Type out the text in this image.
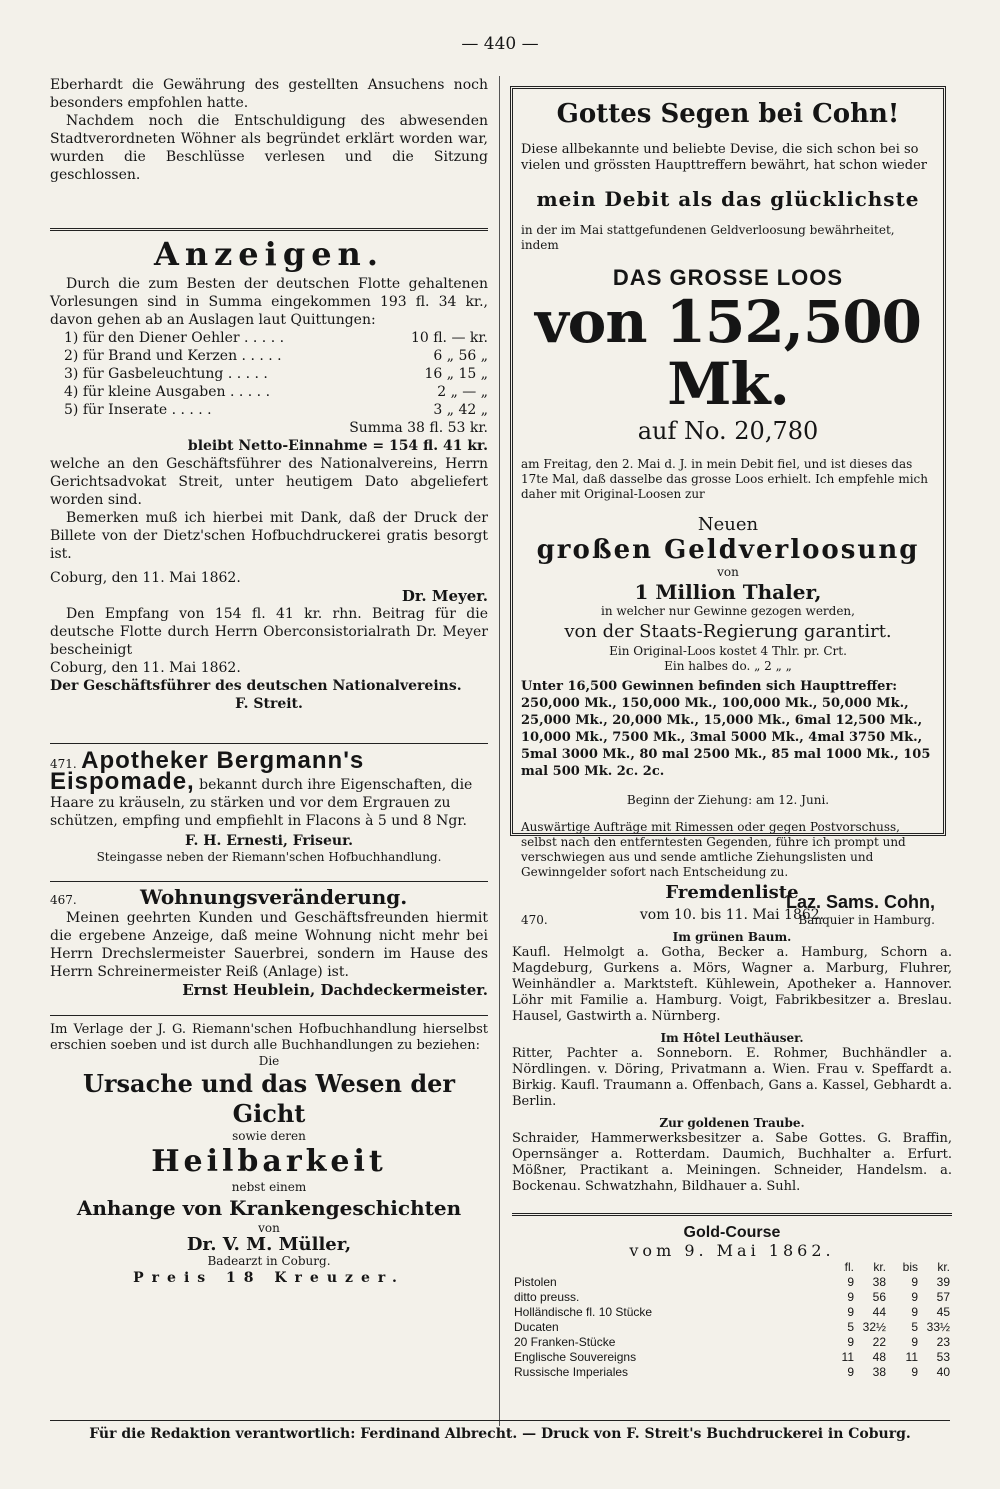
— 440 —

Eberhardt die Gewährung des gestellten Ansuchens noch besonders empfohlen hatte.

Nachdem noch die Entschuldigung des abwesenden Stadtverordneten Wöhner als begründet erklärt worden war, wurden die Beschlüsse verlesen und die Sitzung geschlossen.

Anzeigen.

Durch die zum Besten der deutschen Flotte gehaltenen Vorlesungen sind in Summa eingekommen 193 fl. 34 kr., davon gehen ab an Auslagen laut Quittungen:

1) für den Diener Oehler . . . . .	10 fl. — kr.
2) für Brand und Kerzen . . . . .	6 „ 56 „
3) für Gasbeleuchtung . . . . .	16 „ 15 „
4) für kleine Ausgaben . . . . .	2 „ — „
5) für Inserate . . . . .	3 „ 42 „
Summa 38 fl. 53 kr.
bleibt Netto-Einnahme = 154 fl. 41 kr.

welche an den Geschäftsführer des Nationalvereins, Herrn Gerichtsadvokat Streit, unter heutigem Dato abgeliefert worden sind.

Bemerken muß ich hierbei mit Dank, daß der Druck der Billete von der Dietz'schen Hofbuchdruckerei gratis besorgt ist.

Coburg, den 11. Mai 1862.

Dr. Meyer.

Den Empfang von 154 fl. 41 kr. rhn. Beitrag für die deutsche Flotte durch Herrn Oberconsistorialrath Dr. Meyer bescheinigt

Coburg, den 11. Mai 1862.

Der Geschäftsführer des deutschen Nationalvereins.
F. Streit.
471. Apotheker Bergmann's Eispomade, bekannt durch ihre Eigenschaften, die Haare zu kräuseln, zu stärken und vor dem Ergrauen zu schützen, empfing und empfiehlt in Flacons à 5 und 8 Ngr.
F. H. Ernesti, Friseur.
Steingasse neben der Riemann'schen Hofbuchhandlung.
467.	Wohnungsveränderung.

Meinen geehrten Kunden und Geschäftsfreunden hiermit die ergebene Anzeige, daß meine Wohnung nicht mehr bei Herrn Drechslermeister Sauerbrei, sondern im Hause des Herrn Schreinermeister Reiß (Anlage) ist.

Ernst Heublein, Dachdeckermeister.

Im Verlage der J. G. Riemann'schen Hofbuchhandlung hierselbst erschien soeben und ist durch alle Buchhandlungen zu beziehen:

Die
Ursache und das Wesen der Gicht
sowie deren
Heilbarkeit
nebst einem
Anhange von Krankengeschichten
von
Dr. V. M. Müller,
Badearzt in Coburg.
Preis 18 Kreuzer.
Gottes Segen bei Cohn!

Diese allbekannte und beliebte Devise, die sich schon bei so vielen und grössten Haupttreffern bewährt, hat schon wieder

mein Debit als das glücklichste

in der im Mai stattgefundenen Geldverloosung bewährheitet, indem

DAS GROSSE LOOS
von 152,500 Mk.
auf No. 20,780

am Freitag, den 2. Mai d. J. in mein Debit fiel, und ist dieses das 17te Mal, daß dasselbe das grosse Loos erhielt. Ich empfehle mich daher mit Original-Loosen zur

Neuen
großen Geldverloosung
von
1 Million Thaler,
in welcher nur Gewinne gezogen werden,
von der Staats-Regierung garantirt.
Ein Original-Loos kostet 4 Thlr. pr. Crt.
Ein halbes do. „ 2 „ „

Unter 16,500 Gewinnen befinden sich Haupttreffer: 250,000 Mk., 150,000 Mk., 100,000 Mk., 50,000 Mk., 25,000 Mk., 20,000 Mk., 15,000 Mk., 6mal 12,500 Mk., 10,000 Mk., 7500 Mk., 3mal 5000 Mk., 4mal 3750 Mk., 5mal 3000 Mk., 80 mal 2500 Mk., 85 mal 1000 Mk., 105 mal 500 Mk. 2c. 2c.

Beginn der Ziehung: am 12. Juni.

Auswärtige Aufträge mit Rimessen oder gegen Postvorschuss, selbst nach den entferntesten Gegenden, führe ich prompt und verschwiegen aus und sende amtliche Ziehungslisten und Gewinngelder sofort nach Entscheidung zu.

Laz. Sams. Cohn,
470.	Banquier in Hamburg.
Fremdenliste
vom 10. bis 11. Mai 1862.
Im grünen Baum.

Kaufl. Helmolgt a. Gotha, Becker a. Hamburg, Schorn a. Magdeburg, Gurkens a. Mörs, Wagner a. Marburg, Fluhrer, Weinhändler a. Marktsteft. Kühlewein, Apotheker a. Hannover. Löhr mit Familie a. Hamburg. Voigt, Fabrikbesitzer a. Breslau. Hausel, Gastwirth a. Nürnberg.

Im Hôtel Leuthäuser.

Ritter, Pachter a. Sonneborn. E. Rohmer, Buchhändler a. Nördlingen. v. Döring, Privatmann a. Wien. Frau v. Speffardt a. Birkig. Kaufl. Traumann a. Offenbach, Gans a. Kassel, Gebhardt a. Berlin.

Zur goldenen Traube.

Schraider, Hammerwerksbesitzer a. Sabe Gottes. G. Braffin, Opernsänger a. Rotterdam. Daumich, Buchhalter a. Erfurt. Mößner, Practikant a. Meiningen. Schneider, Handelsm. a. Bockenau. Schwatzhahn, Bildhauer a. Suhl.

Gold-Course
vom 9. Mai 1862.
	fl.	kr.	bis	kr.
Pistolen	9	38	9	39
ditto preuss.	9	56	9	57
Holländische fl. 10 Stücke	9	44	9	45
Ducaten	5	32½	5	33½
20 Franken-Stücke	9	22	9	23
Englische Souvereigns	11	48	11	53
Russische Imperiales	9	38	9	40
Für die Redaktion verantwortlich: Ferdinand Albrecht. — Druck von F. Streit's Buchdruckerei in Coburg.
